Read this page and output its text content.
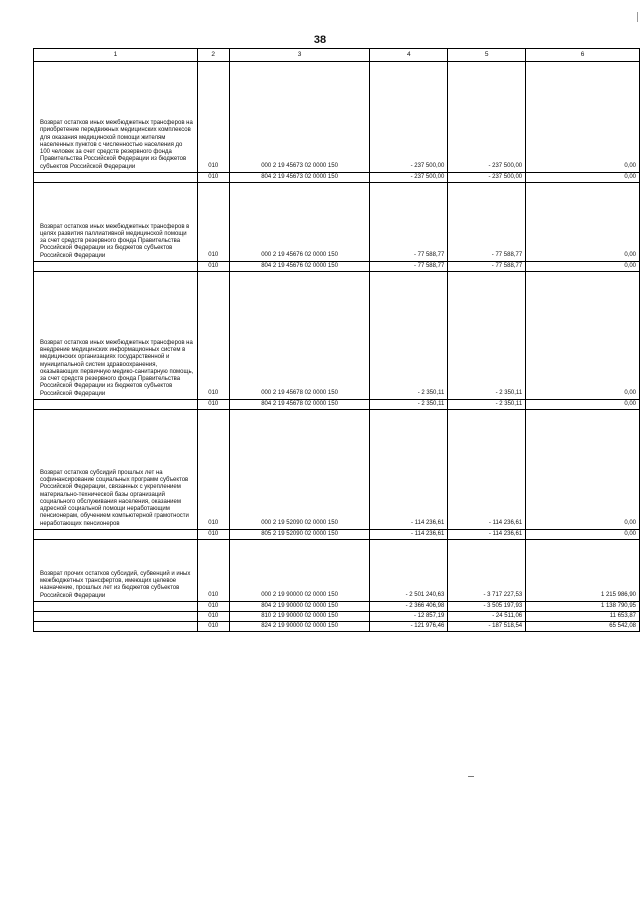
38
1	2	3	4	5	6
Возврат остатков иных межбюджетных трансферов на приобретение передвижных медицинских комплексов для оказания медицинской помощи жителям населенных пунктов с численностью населения до 100 человек за счет средств резервного фонда Правительства Российской Федерации из бюджетов субъектов Российской Федерации	010	000 2 19 45673 02 0000 150	- 237 500,00	- 237 500,00	0,00
	010	804 2 19 45673 02 0000 150	- 237 500,00	- 237 500,00	0,00
Возврат остатков иных межбюджетных трансферов в целях развития паллиативной медицинской помощи за счет средств резервного фонда Правительства Российской Федерации из бюджетов субъектов Российской Федерации	010	000 2 19 45676 02 0000 150	- 77 588,77	- 77 588,77	0,00
	010	804 2 19 45676 02 0000 150	- 77 588,77	- 77 588,77	0,00
Возврат остатков иных межбюджетных трансферов на внедрение медицинских информационных систем в медицинских организациях государственной и муниципальной систем здравоохранения, оказывающих первичную медико-санитарную помощь, за счет средств резервного фонда Правительства Российской Федерации из бюджетов субъектов Российской Федерации	010	000 2 19 45678 02 0000 150	- 2 350,11	- 2 350,11	0,00
	010	804 2 19 45678 02 0000 150	- 2 350,11	- 2 350,11	0,00
Возврат остатков субсидий прошлых лет на софинансирование социальных программ субъектов Российской Федерации, связанных с укреплением материально-технической базы организаций социального обслуживания населения, оказанием адресной социальной помощи неработающим пенсионерам, обучением компьютерной грамотности неработающих пенсионеров	010	000 2 19 52090 02 0000 150	- 114 236,61	- 114 236,61	0,00
	010	805 2 19 52090 02 0000 150	- 114 236,61	- 114 236,61	0,00
Возврат прочих остатков субсидий, субвенций и иных межбюджетных трансфертов, имеющих целевое назначение, прошлых лет из бюджетов субъектов Российской Федерации	010	000 2 19 90000 02 0000 150	- 2 501 240,63	- 3 717 227,53	1 215 986,90
	010	804 2 19 90000 02 0000 150	- 2 366 406,98	- 3 505 197,93	1 138 790,95
	010	810 2 19 90000 02 0000 150	- 12 857,19	- 24 511,06	11 653,87
	010	824 2 19 90000 02 0000 150	- 121 976,46	- 187 518,54	65 542,08
